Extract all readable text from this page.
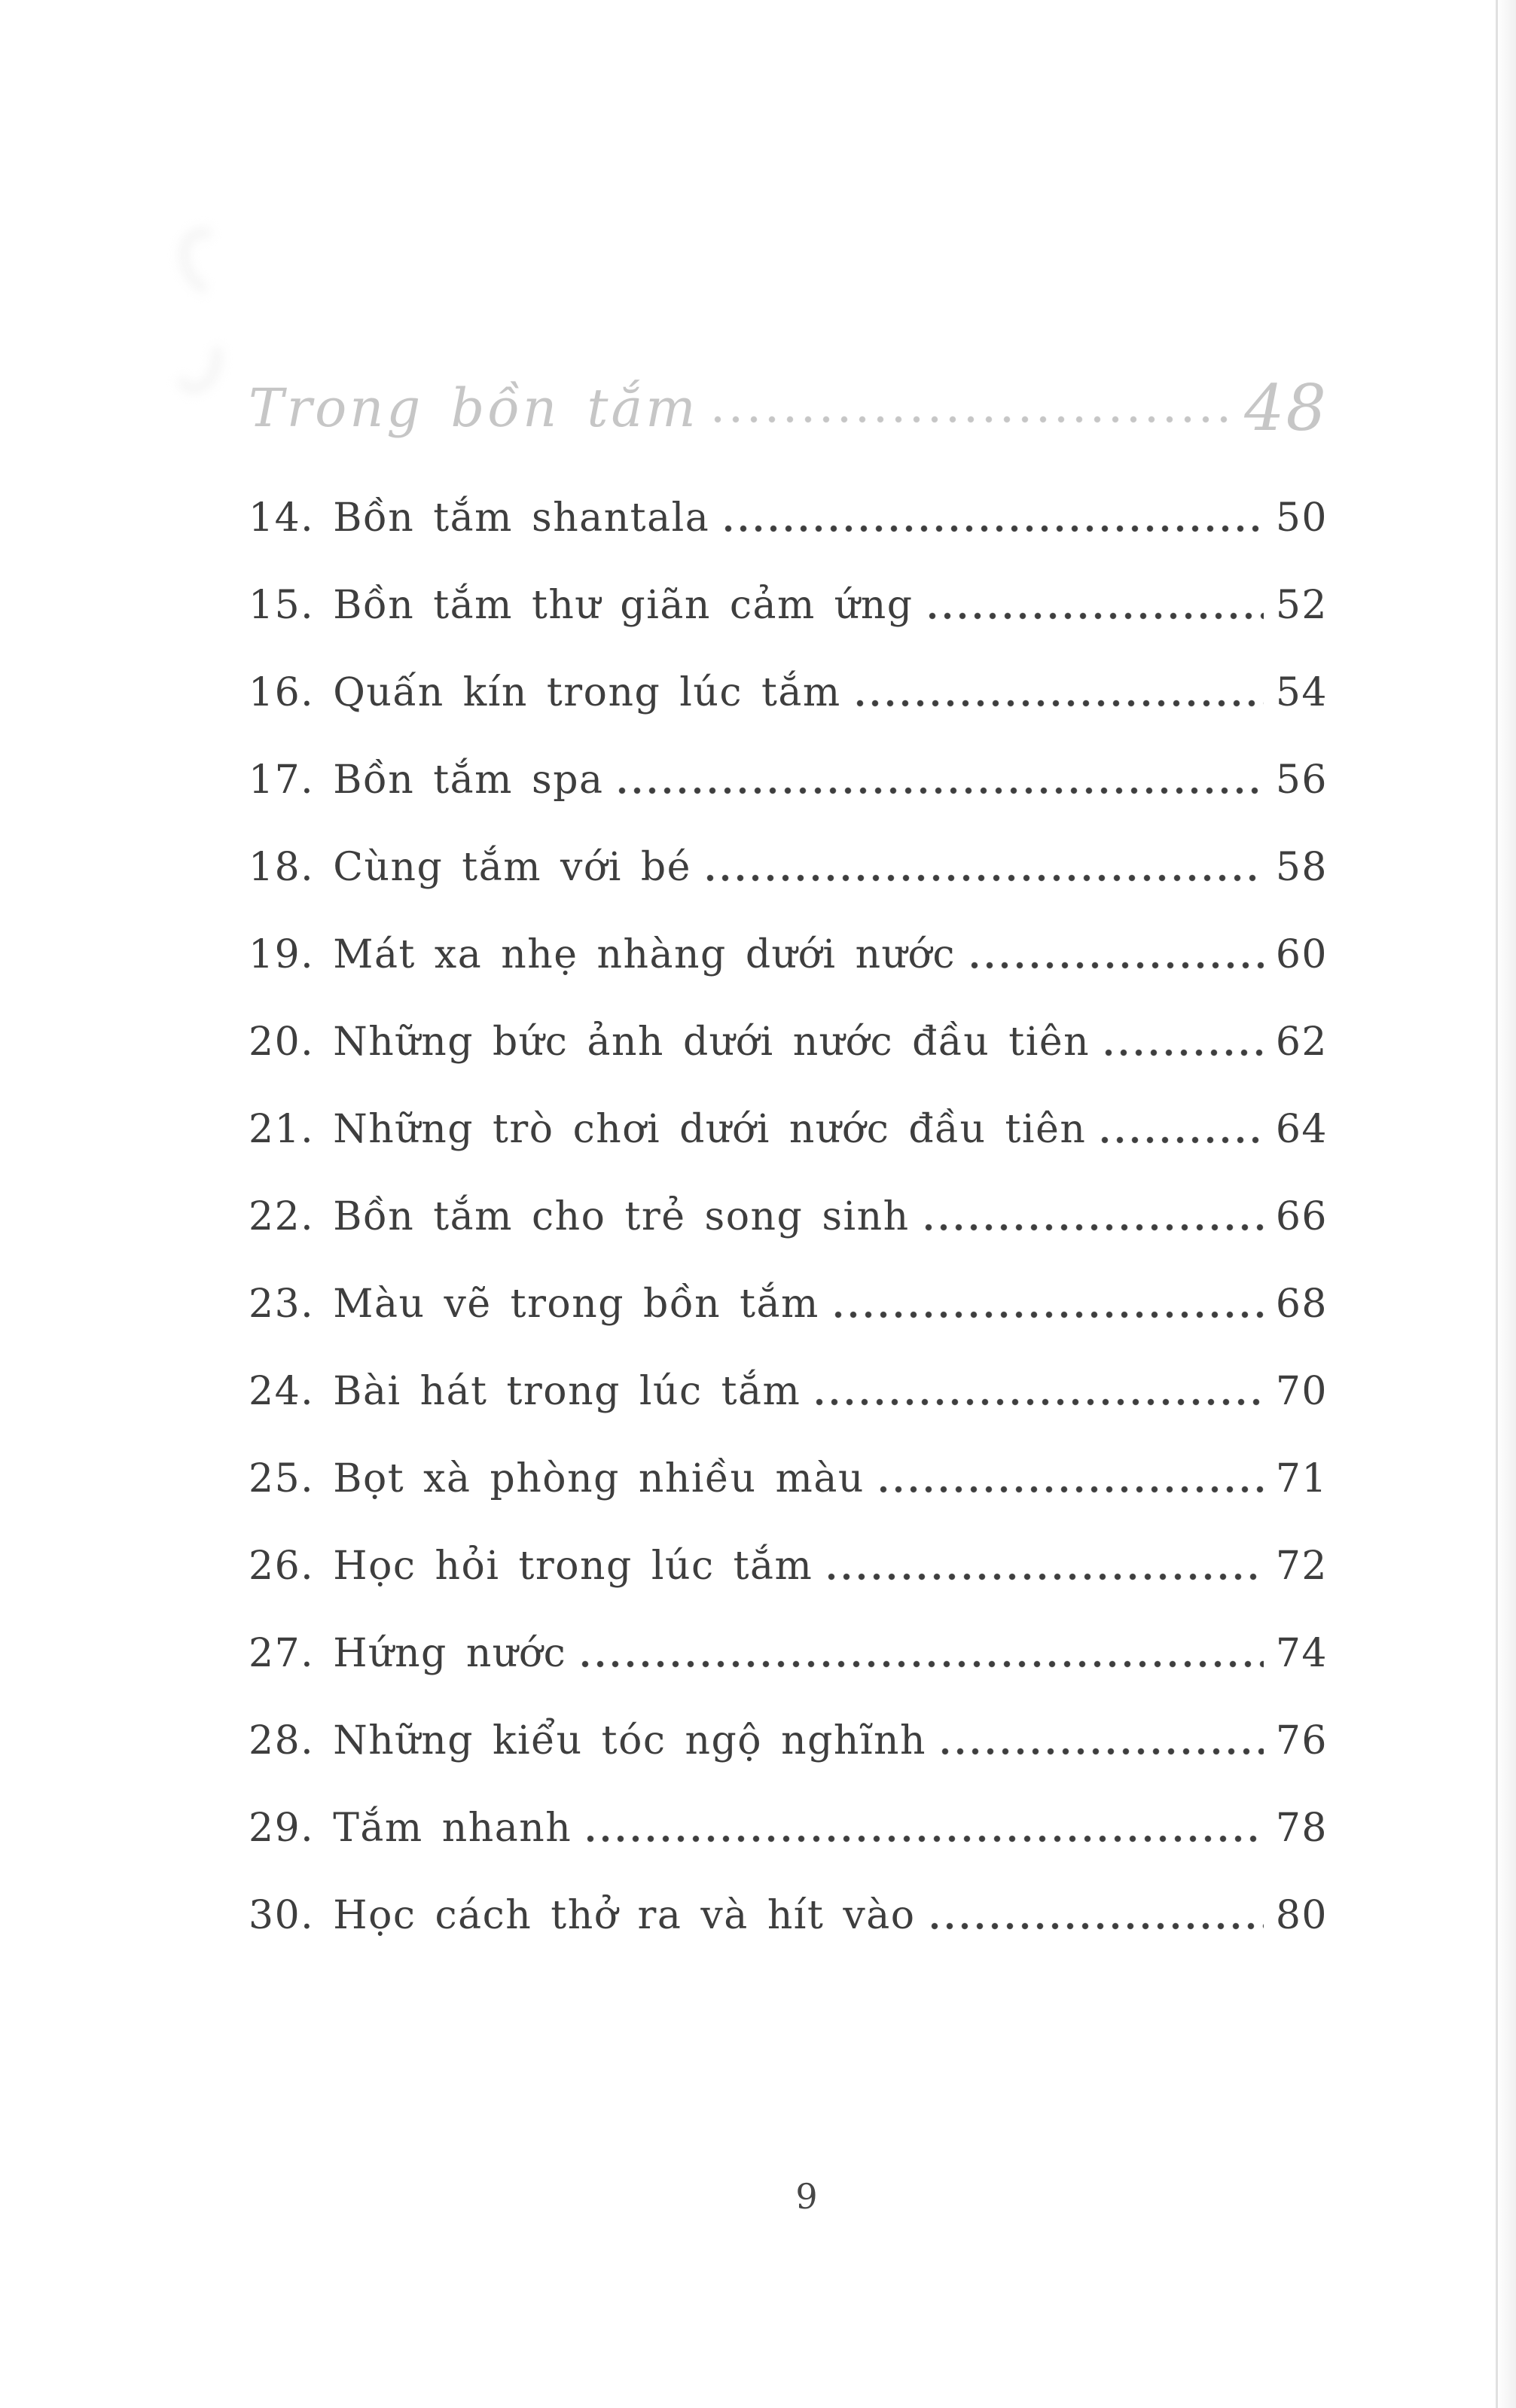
Trong bồn tắm	48
14. Bồn tắm shantala	50
15. Bồn tắm thư giãn cảm ứng	52
16. Quấn kín trong lúc tắm	54
17. Bồn tắm spa	56
18. Cùng tắm với bé	58
19. Mát xa nhẹ nhàng dưới nước	60
20. Những bức ảnh dưới nước đầu tiên	62
21. Những trò chơi dưới nước đầu tiên	64
22. Bồn tắm cho trẻ song sinh	66
23. Màu vẽ trong bồn tắm	68
24. Bài hát trong lúc tắm	70
25. Bọt xà phòng nhiều màu	71
26. Học hỏi trong lúc tắm	72
27. Hứng nước	74
28. Những kiểu tóc ngộ nghĩnh	76
29. Tắm nhanh	78
30. Học cách thở ra và hít vào	80
9
